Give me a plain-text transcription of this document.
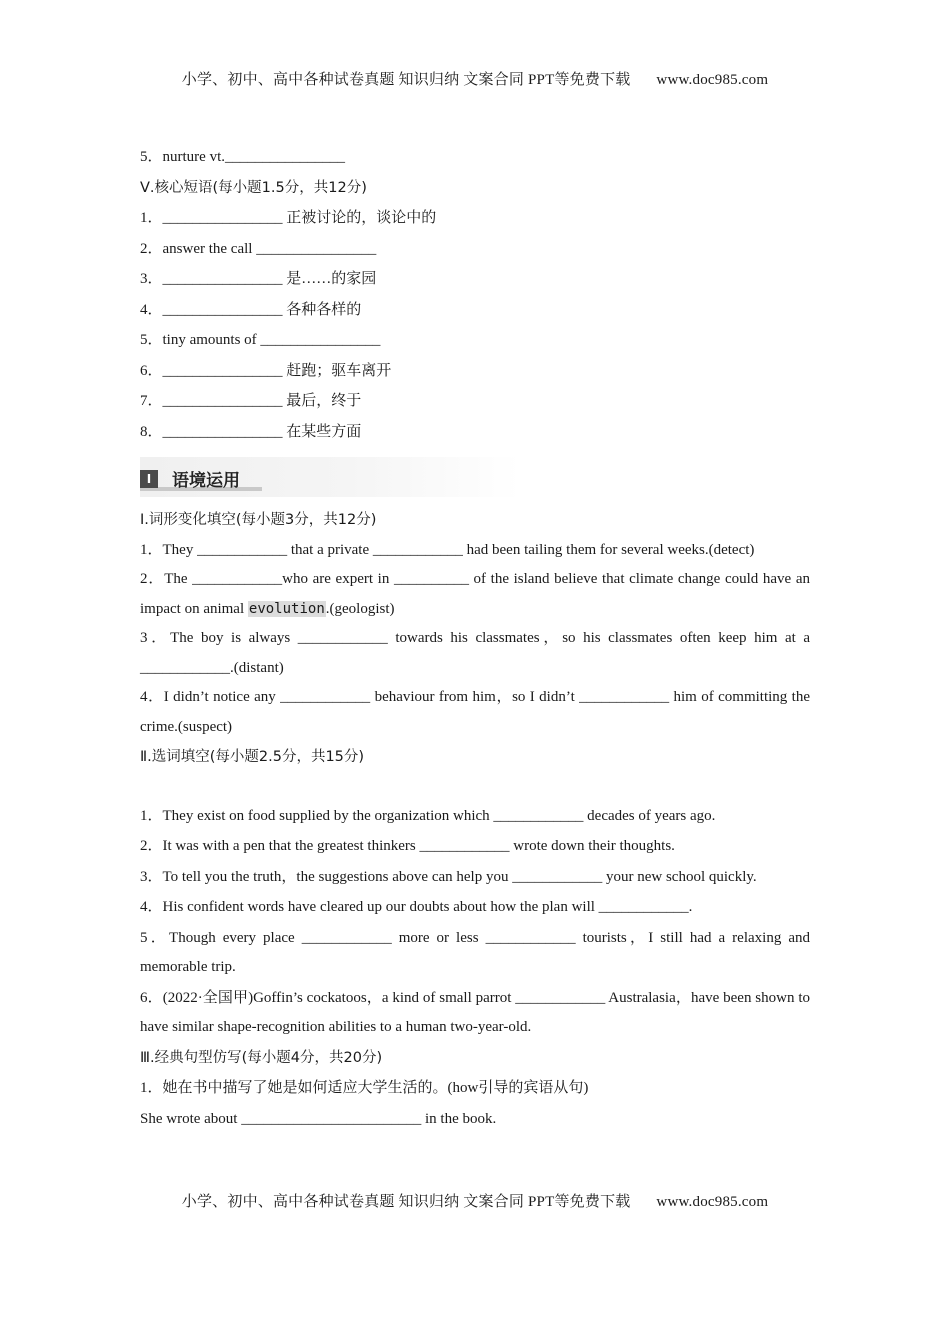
小学、初中、高中各种试卷真题 知识归纳 文案合同 PPT等免费下载 www.doc985.com
5．nurture vt.________________
Ⅴ.核心短语(每小题1.5分，共12分)
1．________________ 正被讨论的，谈论中的
2．answer the call ________________
3．________________ 是……的家园
4．________________ 各种各样的
5．tiny amounts of ________________
6．________________ 赶跑；驱车离开
7．________________ 最后，终于
8．________________ 在某些方面
I	语境运用
Ⅰ.词形变化填空(每小题3分，共12分)
1．They ____________ that a private ____________ had been tailing them for several weeks.(detect)
2．The ____________who are expert in __________ of the island believe that climate change could have an impact on animal evolution.(geologist)
3．The boy is always ____________ towards his classmates，so his classmates often keep him at a ____________.(distant)
4．I didn’t notice any ____________ behaviour from him，so I didn’t ____________ him of committing the crime.(suspect)
Ⅱ.选词填空(每小题2.5分，共15分)
1．They exist on food supplied by the organization which ____________ decades of years ago.
2．It was with a pen that the greatest thinkers ____________ wrote down their thoughts.
3．To tell you the truth，the suggestions above can help you ____________ your new school quickly.
4．His confident words have cleared up our doubts about how the plan will ____________.
5．Though every place ____________ more or less ____________ tourists，I still had a relaxing and memorable trip.
6．(2022·全国甲)Goffin’s cockatoos，a kind of small parrot ____________ Australasia，have been shown to have similar shape-recognition abilities to a human two-year-old.
Ⅲ.经典句型仿写(每小题4分，共20分)
1．她在书中描写了她是如何适应大学生活的。(how引导的宾语从句)
She wrote about ________________________ in the book.
小学、初中、高中各种试卷真题 知识归纳 文案合同 PPT等免费下载 www.doc985.com
